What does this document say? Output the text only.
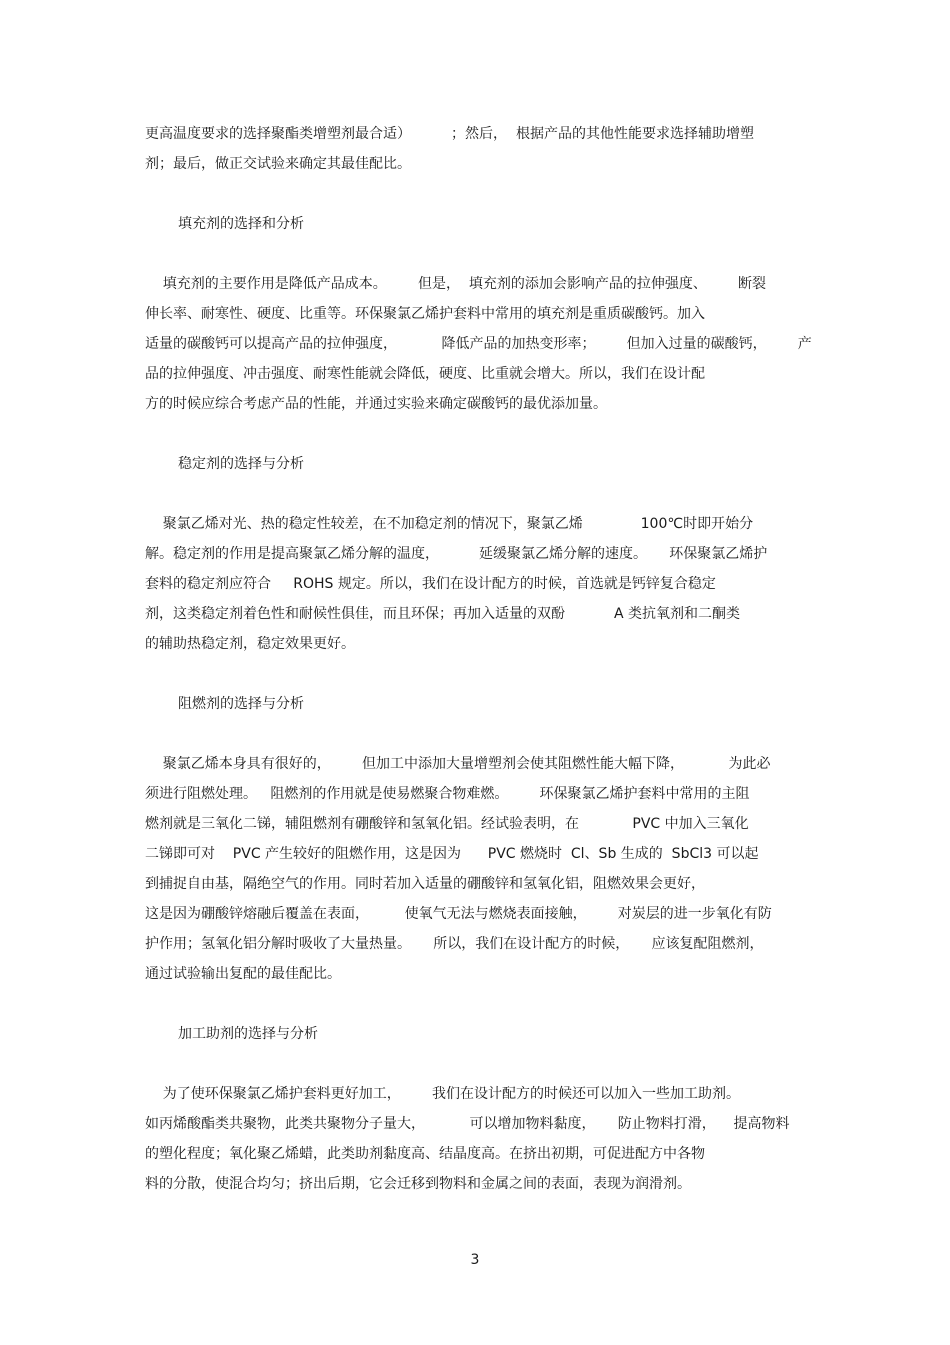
更高温度要求的选择聚酯类增塑剂最合适）         ；然后，  根据产品的其他性能要求选择辅助增塑
剂；最后，做正交试验来确定其最佳配比。
填充剂的选择和分析
填充剂的主要作用是降低产品成本。       但是，  填充剂的添加会影响产品的拉伸强度、       断裂
伸长率、耐寒性、硬度、比重等。环保聚氯乙烯护套料中常用的填充剂是重质碳酸钙。加入
适量的碳酸钙可以提高产品的拉伸强度，          降低产品的加热变形率；       但加入过量的碳酸钙，       产
品的拉伸强度、冲击强度、耐寒性能就会降低，硬度、比重就会增大。所以，我们在设计配
方的时候应综合考虑产品的性能，并通过实验来确定碳酸钙的最优添加量。
稳定剂的选择与分析
聚氯乙烯对光、热的稳定性较差，在不加稳定剂的情况下，聚氯乙烯             100℃时即开始分
解。稳定剂的作用是提高聚氯乙烯分解的温度，         延缓聚氯乙烯分解的速度。     环保聚氯乙烯护
套料的稳定剂应符合     ROHS 规定。所以，我们在设计配方的时候，首选就是钙锌复合稳定
剂，这类稳定剂着色性和耐候性俱佳，而且环保；再加入适量的双酚           A 类抗氧剂和二酮类
的辅助热稳定剂，稳定效果更好。
阻燃剂的选择与分析
聚氯乙烯本身具有很好的，       但加工中添加大量增塑剂会使其阻燃性能大幅下降，          为此必
须进行阻燃处理。   阻燃剂的作用就是使易燃聚合物难燃。       环保聚氯乙烯护套料中常用的主阻
燃剂就是三氧化二锑，辅阻燃剂有硼酸锌和氢氧化铝。经试验表明，在            PVC 中加入三氧化
二锑即可对    PVC 产生较好的阻燃作用，这是因为      PVC 燃烧时  Cl、Sb 生成的  SbCl3 可以起
到捕捉自由基，隔绝空气的作用。同时若加入适量的硼酸锌和氢氧化铝，阻燃效果会更好，
这是因为硼酸锌熔融后覆盖在表面，        使氧气无法与燃烧表面接触，       对炭层的进一步氧化有防
护作用；氢氧化铝分解时吸收了大量热量。     所以，我们在设计配方的时候，     应该复配阻燃剂，
通过试验输出复配的最佳配比。
加工助剂的选择与分析
为了使环保聚氯乙烯护套料更好加工，       我们在设计配方的时候还可以加入一些加工助剂。
如丙烯酸酯类共聚物，此类共聚物分子量大，          可以增加物料黏度，     防止物料打滑，    提高物料
的塑化程度；氧化聚乙烯蜡，此类助剂黏度高、结晶度高。在挤出初期，可促进配方中各物
料的分散，使混合均匀；挤出后期，它会迁移到物料和金属之间的表面，表现为润滑剂。
3
